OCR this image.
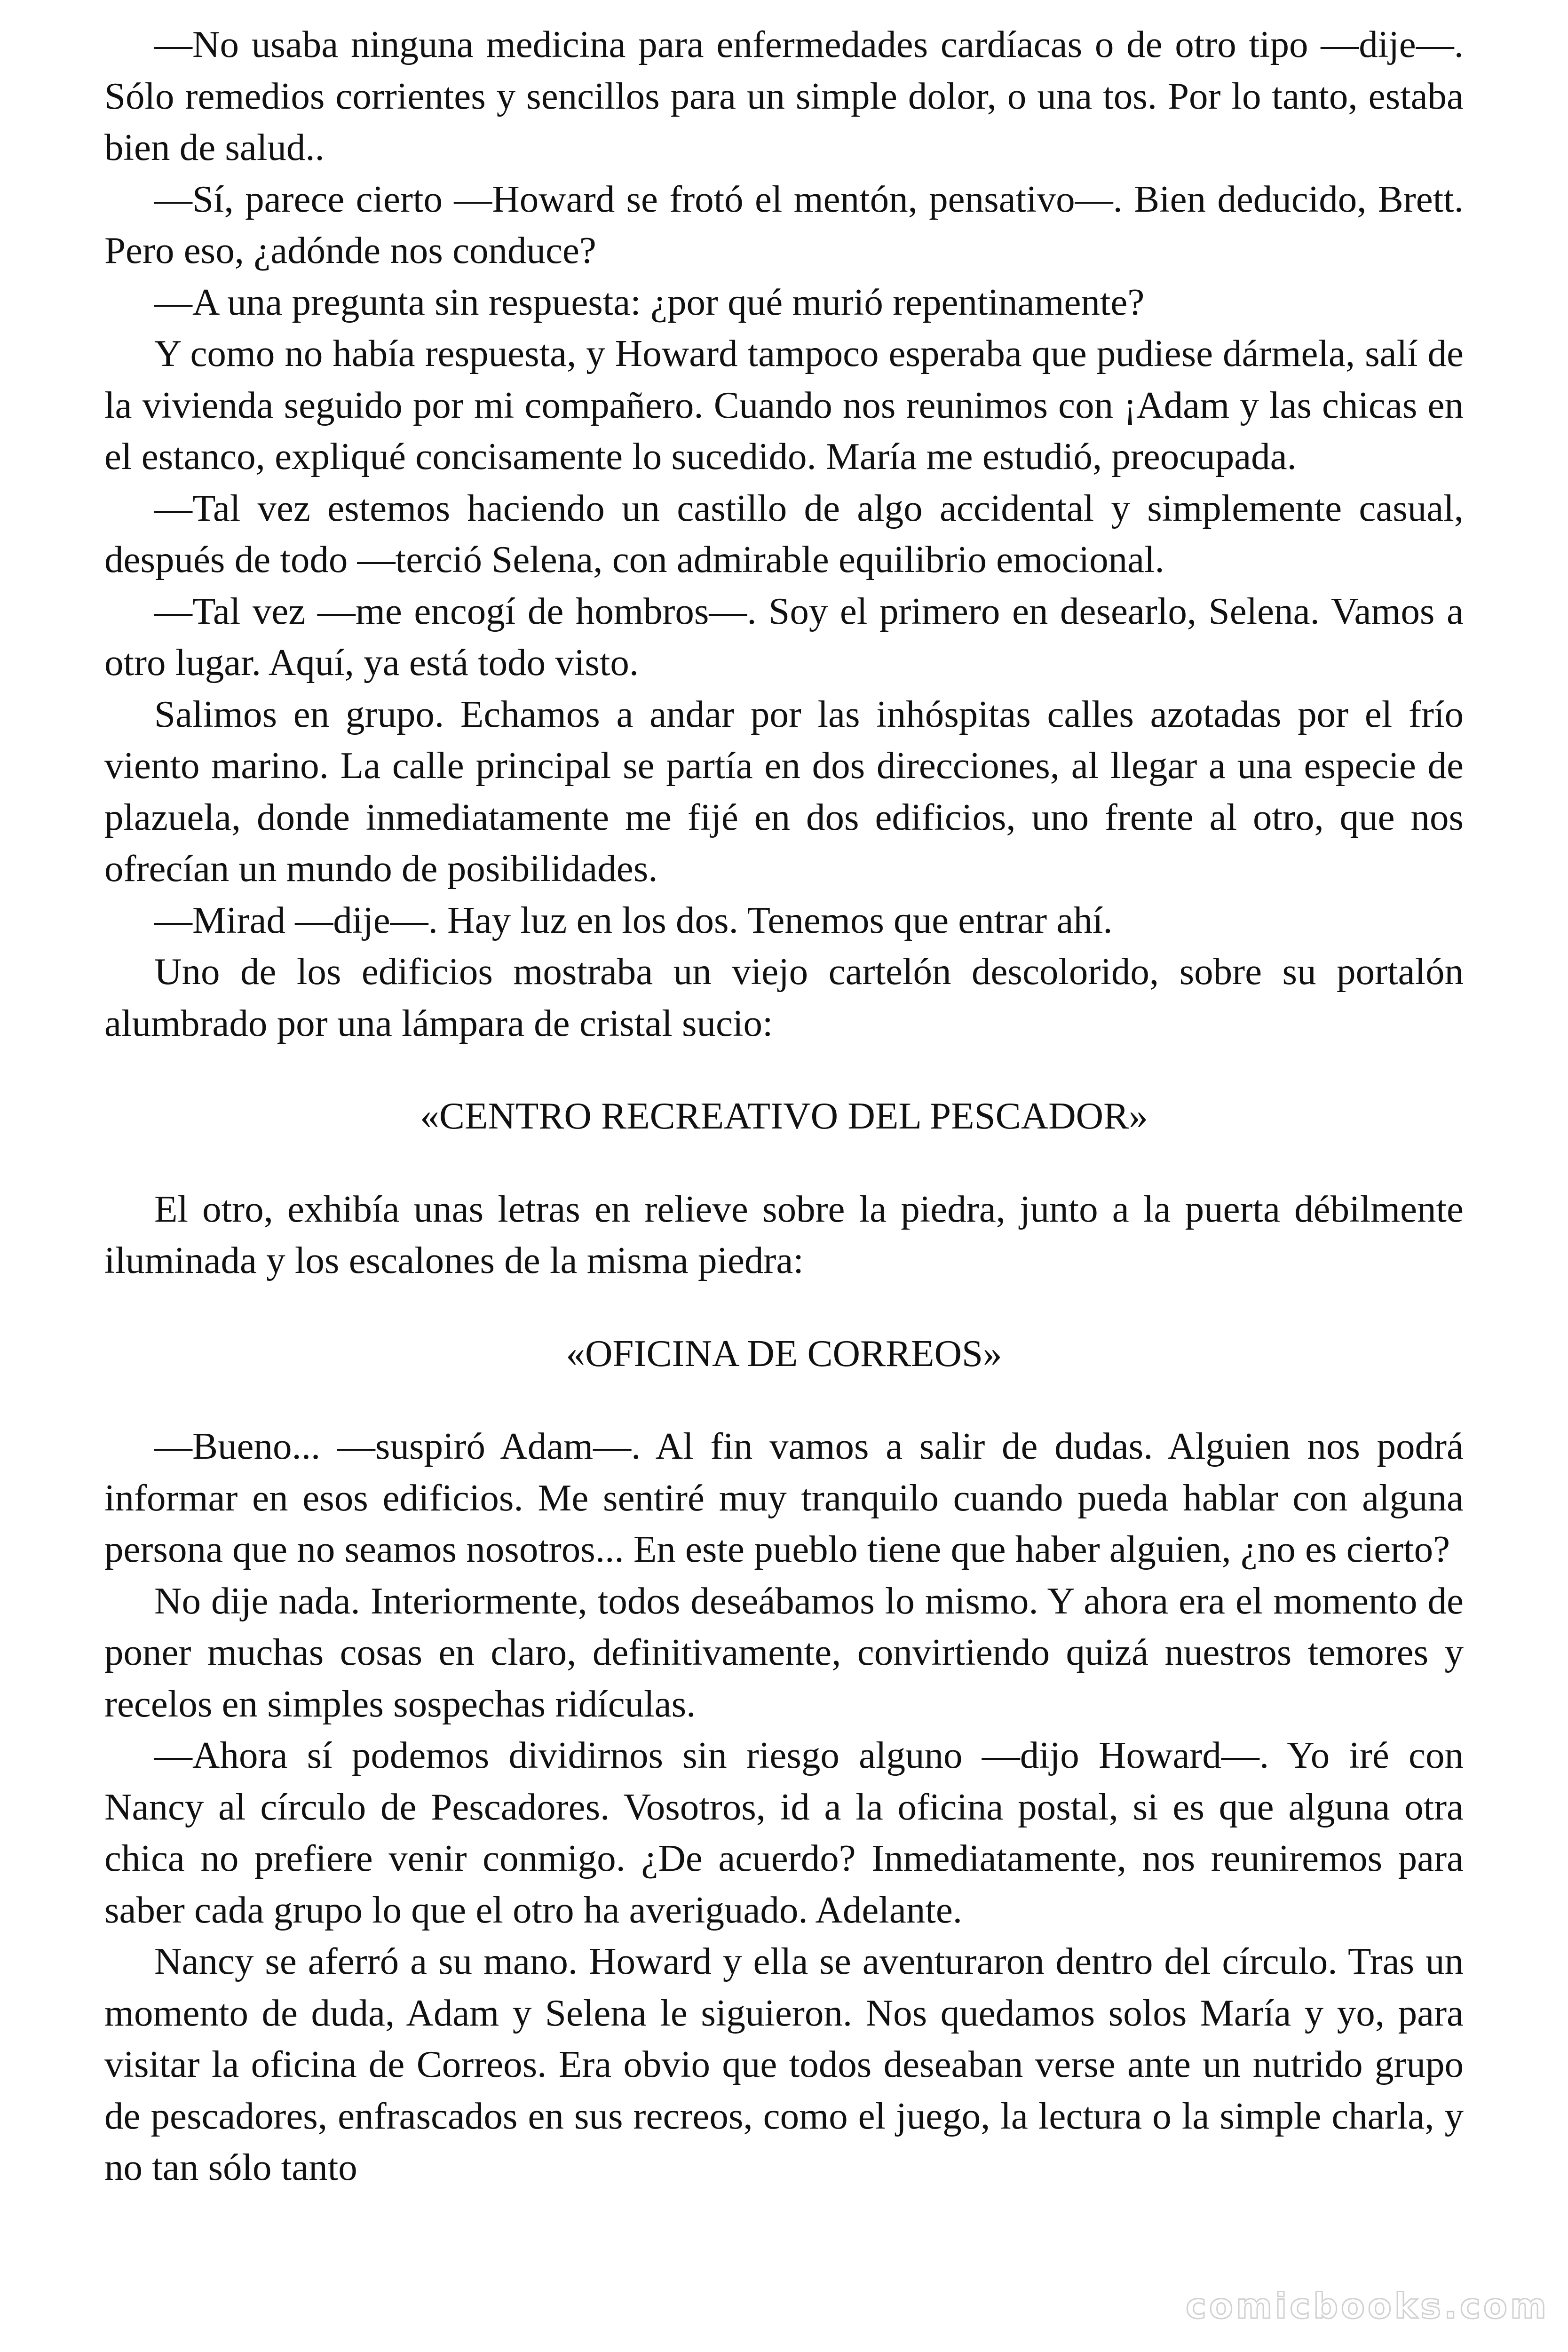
—No usaba ninguna medicina para enfermedades cardíacas o de otro tipo —dije—. Sólo remedios corrientes y sencillos para un simple dolor, o una tos. Por lo tanto, estaba bien de salud..

—Sí, parece cierto —Howard se frotó el mentón, pensativo—. Bien deducido, Brett. Pero eso, ¿adónde nos conduce?

—A una pregunta sin respuesta: ¿por qué murió repentinamente?

Y como no había respuesta, y Howard tampoco esperaba que pudiese dármela, salí de la vivienda seguido por mi compañero. Cuando nos reunimos con ¡Adam y las chicas en el estanco, expliqué concisamente lo sucedido. María me estudió, preocupada.

—Tal vez estemos haciendo un castillo de algo accidental y simplemente casual, después de todo —terció Selena, con admirable equilibrio emocional.

—Tal vez —me encogí de hombros—. Soy el primero en desearlo, Selena. Vamos a otro lugar. Aquí, ya está todo visto.

Salimos en grupo. Echamos a andar por las inhóspitas calles azotadas por el frío viento marino. La calle principal se partía en dos direcciones, al llegar a una especie de plazuela, donde inmediatamente me fijé en dos edificios, uno frente al otro, que nos ofrecían un mundo de posibilidades.

—Mirad —dije—. Hay luz en los dos. Tenemos que entrar ahí.

Uno de los edificios mostraba un viejo cartelón descolorido, sobre su portalón alumbrado por una lámpara de cristal sucio:

«CENTRO RECREATIVO DEL PESCADOR»

El otro, exhibía unas letras en relieve sobre la piedra, junto a la puerta débilmente iluminada y los escalones de la misma piedra:

«OFICINA DE CORREOS»

—Bueno... —suspiró Adam—. Al fin vamos a salir de dudas. Alguien nos podrá informar en esos edificios. Me sentiré muy tranquilo cuando pueda hablar con alguna persona que no seamos nosotros... En este pueblo tiene que haber alguien, ¿no es cierto?

No dije nada. Interiormente, todos deseábamos lo mismo. Y ahora era el momento de poner muchas cosas en claro, definitivamente, convirtiendo quizá nuestros temores y recelos en simples sospechas ridículas.

—Ahora sí podemos dividirnos sin riesgo alguno —dijo Howard—. Yo iré con Nancy al círculo de Pescadores. Vosotros, id a la oficina postal, si es que alguna otra chica no prefiere venir conmigo. ¿De acuerdo? Inmediatamente, nos reuniremos para saber cada grupo lo que el otro ha averiguado. Adelante.

Nancy se aferró a su mano. Howard y ella se aventuraron dentro del círculo. Tras un momento de duda, Adam y Selena le siguieron. Nos quedamos solos María y yo, para visitar la oficina de Correos. Era obvio que todos deseaban verse ante un nutrido grupo de pescadores, enfrascados en sus recreos, como el juego, la lectura o la simple charla, y no tan sólo tanto

comicbooks.com
